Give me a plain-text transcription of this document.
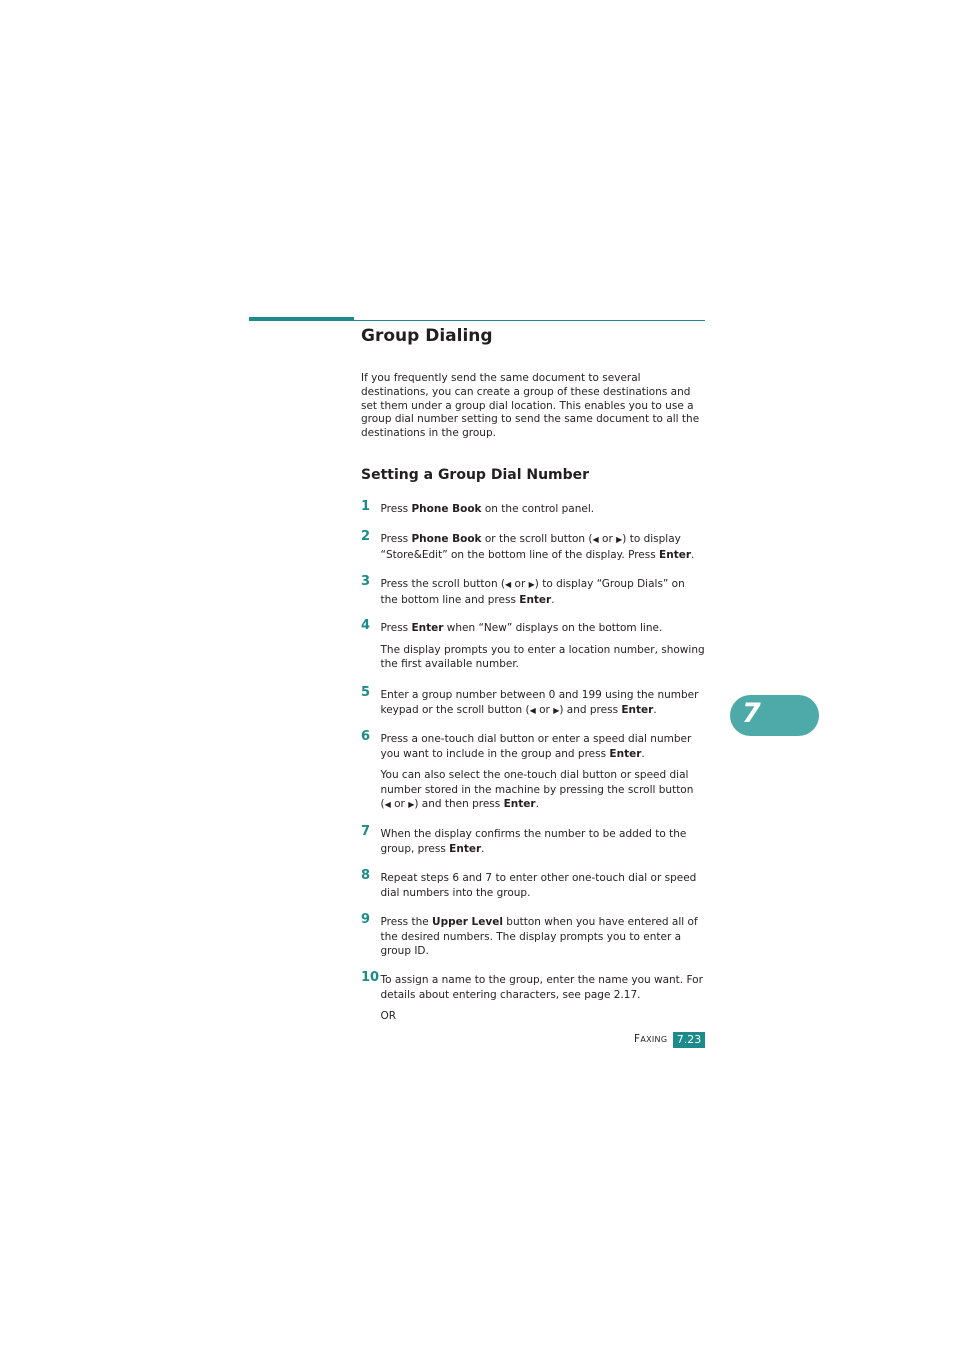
Group Dialing

If you frequently send the same document to several destinations, you can create a group of these destinations and set them under a group dial location. This enables you to use a group dial number setting to send the same document to all the destinations in the group.

Setting a Group Dial Number
1 Press Phone Book on the control panel.

2 Press Phone Book or the scroll button (◀ or ▶) to display “Store&Edit” on the bottom line of the display. Press Enter.

3 Press the scroll button (◀ or ▶) to display “Group Dials” on the bottom line and press Enter.

4 Press Enter when “New” displays on the bottom line.

The display prompts you to enter a location number, showing the first available number.

5 Enter a group number between 0 and 199 using the number keypad or the scroll button (◀ or ▶) and press Enter.

6 Press a one-touch dial button or enter a speed dial number you want to include in the group and press Enter.

You can also select the one-touch dial button or speed dial number stored in the machine by pressing the scroll button (◀ or ▶) and then press Enter.

7 When the display confirms the number to be added to the group, press Enter.

8 Repeat steps 6 and 7 to enter other one-touch dial or speed dial numbers into the group.

9 Press the Upper Level button when you have entered all of the desired numbers. The display prompts you to enter a group ID.

10 To assign a name to the group, enter the name you want. For details about entering characters, see page 2.17.

OR

7
FAXING 7.23
